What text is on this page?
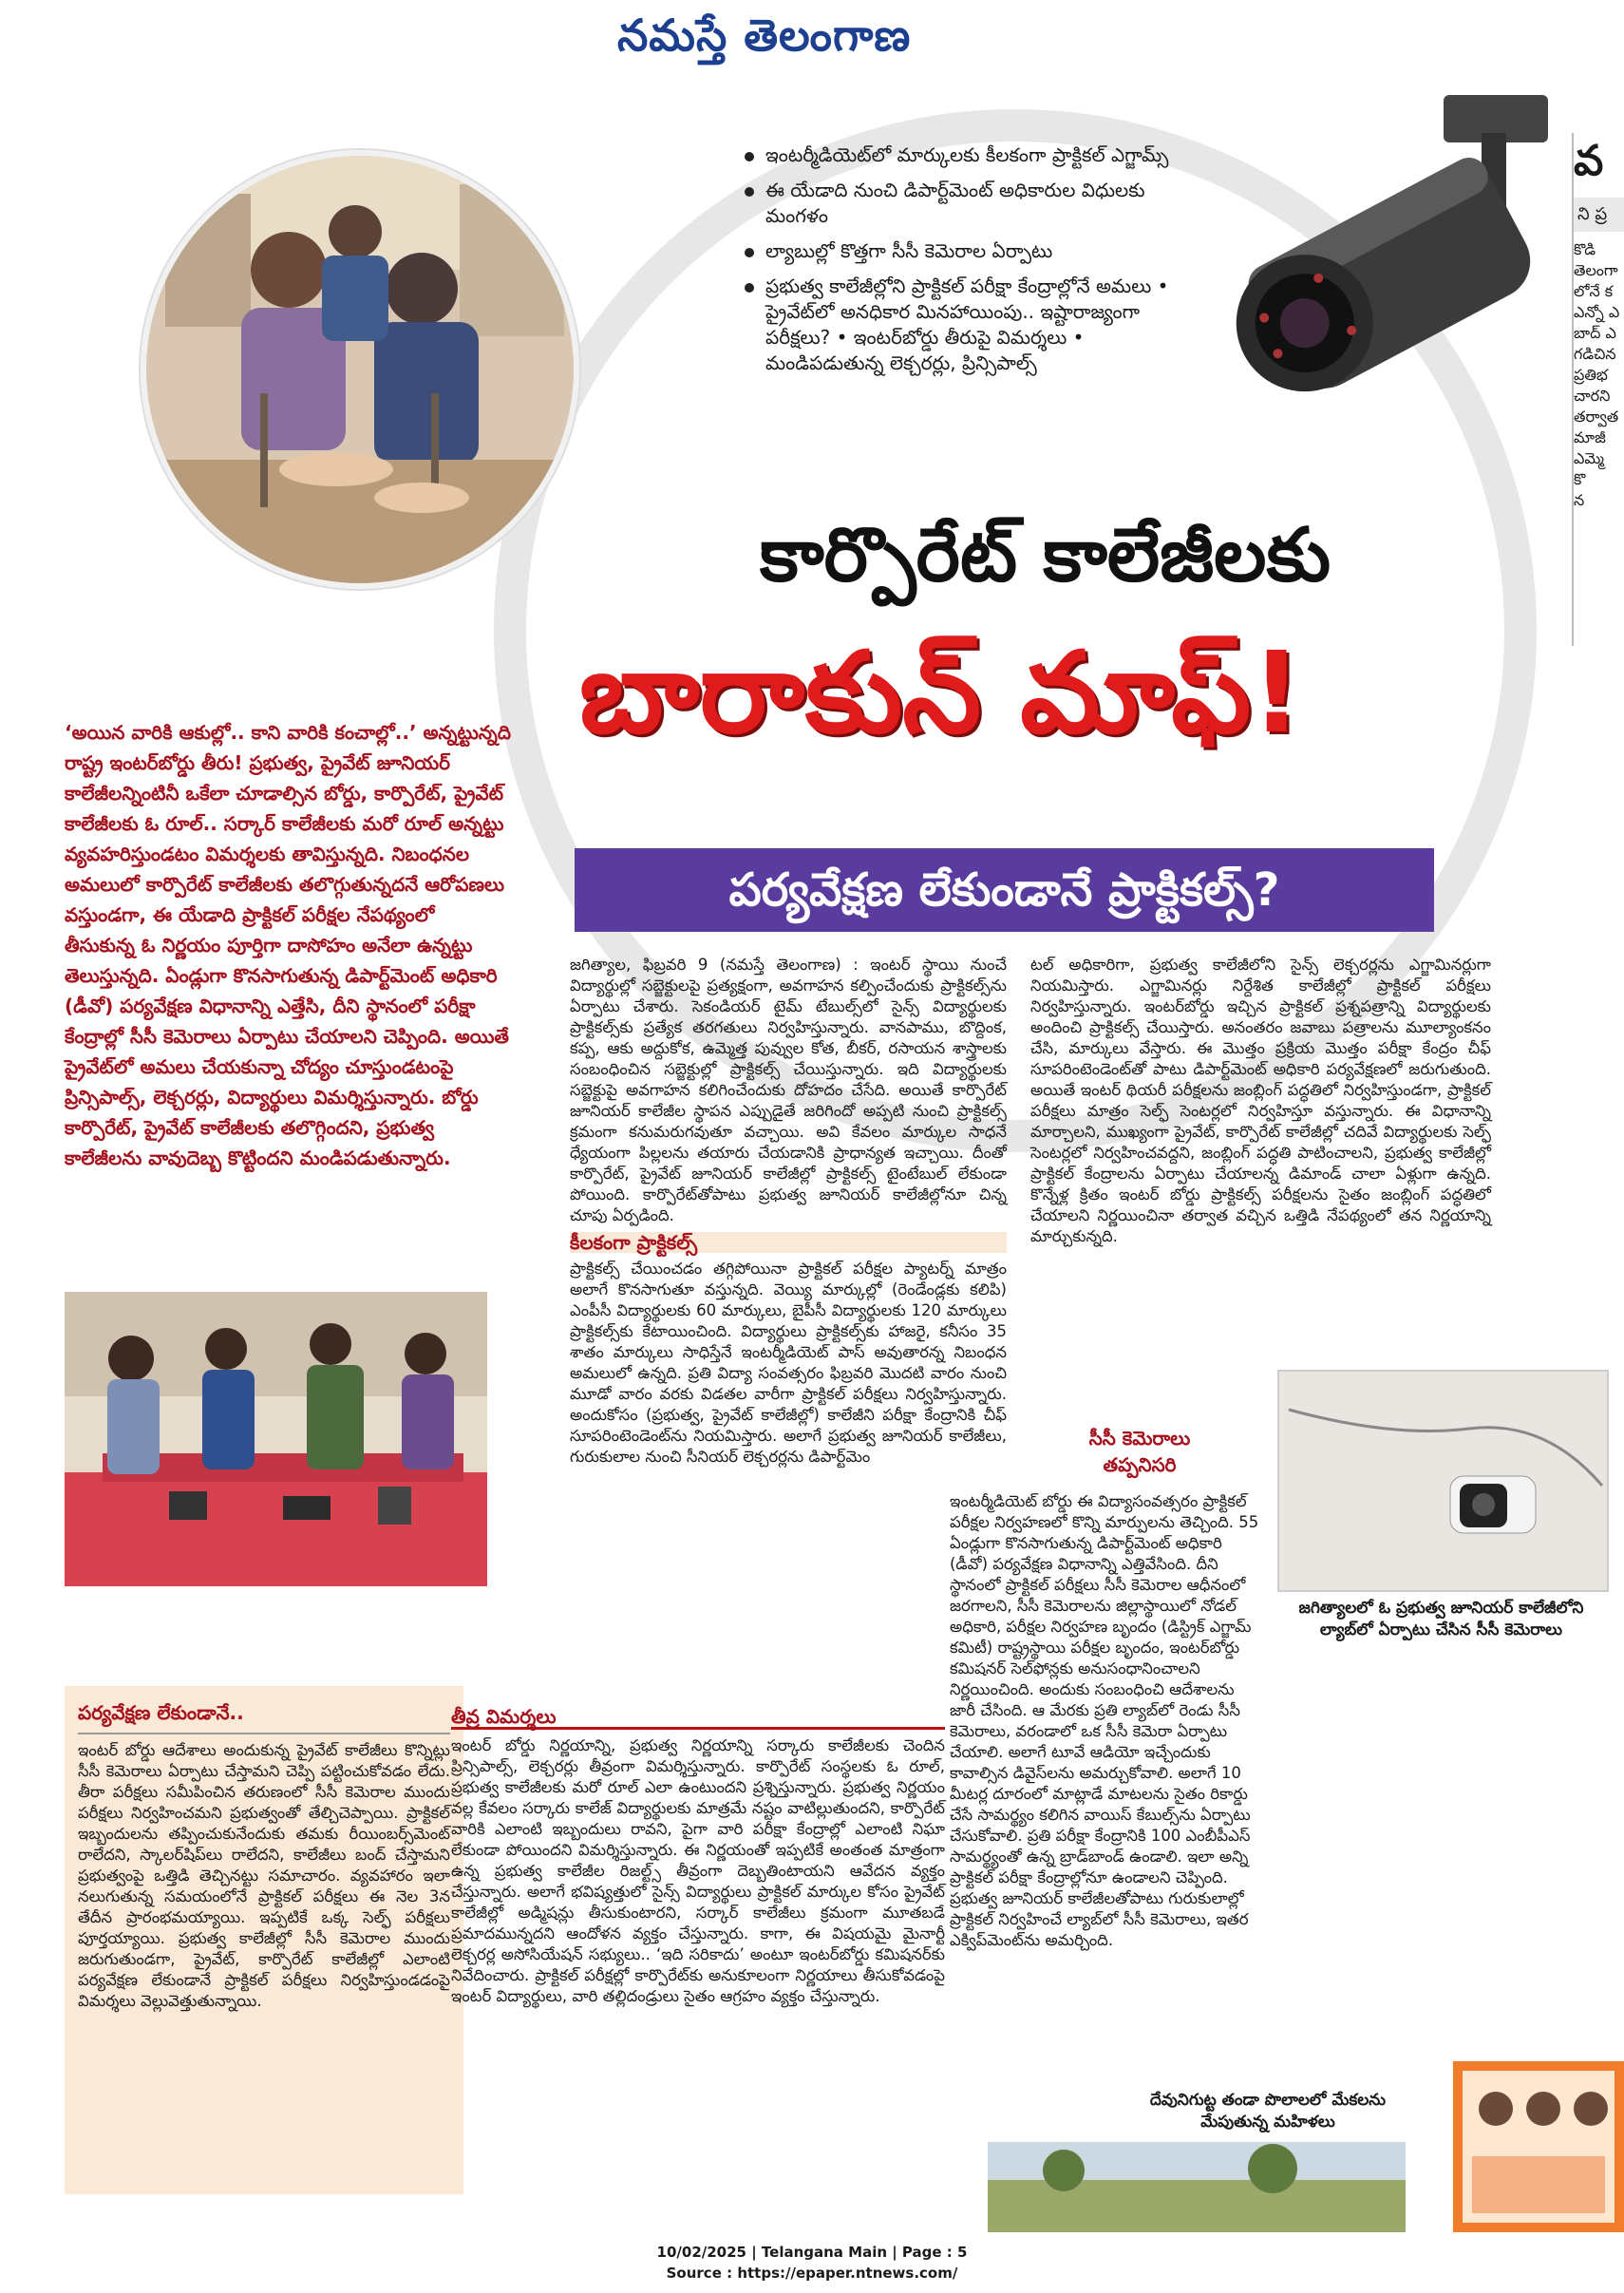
నమస్తే తెలంగాణ

ఇంటర్మీడియెట్‌లో మార్కులకు కీలకంగా ప్రాక్టికల్ ఎగ్జామ్స్

ఈ యేడాది నుంచి డిపార్ట్‌మెంట్ అధికారుల విధులకు మంగళం

ల్యాబుల్లో కొత్తగా సీసీ కెమెరాల ఏర్పాటు

ప్రభుత్వ కాలేజీల్లోని ప్రాక్టికల్ పరీక్షా కేంద్రాల్లోనే అమలు • ప్రైవేట్‌లో అనధికార మినహాయింపు.. ఇష్టారాజ్యంగా పరీక్షలు? • ఇంటర్‌బోర్డు తీరుపై విమర్శలు • మండిపడుతున్న లెక్చరర్లు, ప్రిన్సిపాల్స్

వ
ని ప్ర
కొడి
తెలంగా
లోనే క
ఎన్నో ఎ
బాద్ ఎ
గడిచిన
ప్రతిభ
చారని
తర్వాత
మాజీ
ఎమ్మె
కొ
న
కార్పొరేట్ కాలేజీలకు
బారాకున్ మాఫ్!
పర్యవేక్షణ లేకుండానే ప్రాక్టికల్స్?
‘అయిన వారికి ఆకుల్లో.. కాని వారికి కంచాల్లో..’ అన్నట్టున్నది రాష్ట్ర ఇంటర్‌బోర్డు తీరు! ప్రభుత్వ, ప్రైవేట్ జూనియర్ కాలేజీలన్నింటినీ ఒకేలా చూడాల్సిన బోర్డు, కార్పొరేట్, ప్రైవేట్ కాలేజీలకు ఓ రూల్.. సర్కార్ కాలేజీలకు మరో రూల్ అన్నట్టు వ్యవహరిస్తుండటం విమర్శలకు తావిస్తున్నది. నిబంధనల అమలులో కార్పొరేట్ కాలేజీలకు తలొగ్గుతున్నదనే ఆరోపణలు వస్తుండగా, ఈ యేడాది ప్రాక్టికల్ పరీక్షల నేపథ్యంలో తీసుకున్న ఓ నిర్ణయం పూర్తిగా దాసోహం అనేలా ఉన్నట్టు తెలుస్తున్నది. ఏండ్లుగా కొనసాగుతున్న డిపార్ట్‌మెంట్ అధికారి (డీవో) పర్యవేక్షణ విధానాన్ని ఎత్తేసి, దీని స్థానంలో పరీక్షా కేంద్రాల్లో సీసీ కెమెరాలు ఏర్పాటు చేయాలని చెప్పింది. అయితే ప్రైవేట్‌లో అమలు చేయకున్నా చోద్యం చూస్తుండటంపై ప్రిన్సిపాల్స్, లెక్చరర్లు, విద్యార్థులు విమర్శిస్తున్నారు. బోర్డు కార్పొరేట్, ప్రైవేట్ కాలేజీలకు తలొగ్గిందని, ప్రభుత్వ కాలేజీలను వావుదెబ్బ కొట్టిందని మండిపడుతున్నారు.

జగిత్యాల, ఫిబ్రవరి 9 (నమస్తే తెలంగాణ) : ఇంటర్ స్థాయి నుంచే విద్యార్థుల్లో సబ్జెక్టులపై ప్రత్యక్షంగా, అవగాహన కల్పించేందుకు ప్రాక్టికల్స్‌ను ఏర్పాటు చేశారు. సెకండియర్ టైమ్ టేబుల్స్‌లో సైన్స్ విద్యార్థులకు ప్రాక్టికల్స్‌కు ప్రత్యేక తరగతులు నిర్వహిస్తున్నారు. వానపాము, బొద్దింక, కప్ప, ఆకు అద్దుకోక, ఉమ్మెత్త పువ్వుల కోత, బీకర్, రసాయన శాస్త్రాలకు సంబంధించిన సబ్జెక్టుల్లో ప్రాక్టికల్స్ చేయిస్తున్నారు. ఇది విద్యార్థులకు సబ్జెక్టుపై అవగాహన కలిగించేందుకు దోహదం చేసేది. అయితే కార్పొరేట్ జూనియర్ కాలేజీల స్థాపన ఎప్పుడైతే జరిగిందో అప్పటి నుంచి ప్రాక్టికల్స్ క్రమంగా కనుమరుగవుతూ వచ్చాయి. అవి కేవలం మార్కుల సాధనే ధ్యేయంగా పిల్లలను తయారు చేయడానికి ప్రాధాన్యత ఇచ్చాయి. దీంతో కార్పొరేట్, ప్రైవేట్ జూనియర్ కాలేజీల్లో ప్రాక్టికల్స్ టైంటేబుల్ లేకుండా పోయింది. కార్పొరేట్‌తోపాటు ప్రభుత్వ జూనియర్ కాలేజీల్లోనూ చిన్న చూపు ఏర్పడింది.

కీలకంగా ప్రాక్టికల్స్

ప్రాక్టికల్స్ చేయించడం తగ్గిపోయినా ప్రాక్టికల్ పరీక్షల ప్యాటర్న్ మాత్రం అలాగే కొనసాగుతూ వస్తున్నది. వెయ్యి మార్కుల్లో (రెండేండ్లకు కలిపి) ఎంపీసీ విద్యార్థులకు 60 మార్కులు, బైపీసీ విద్యార్థులకు 120 మార్కులు ప్రాక్టికల్స్‌కు కేటాయించింది. విద్యార్థులు ప్రాక్టికల్స్‌కు హాజరై, కనీసం 35 శాతం మార్కులు సాధిస్తేనే ఇంటర్మీడియెట్ పాస్ అవుతారన్న నిబంధన అమలులో ఉన్నది. ప్రతి విద్యా సంవత్సరం ఫిబ్రవరి మొదటి వారం నుంచి మూడో వారం వరకు విడతల వారీగా ప్రాక్టికల్ పరీక్షలు నిర్వహిస్తున్నారు. అందుకోసం (ప్రభుత్వ, ప్రైవేట్ కాలేజీల్లో) కాలేజీని పరీక్షా కేంద్రానికి చీఫ్ సూపరింటెండెంట్‌ను నియమిస్తారు. అలాగే ప్రభుత్వ జూనియర్ కాలేజీలు, గురుకులాల నుంచి సీనియర్ లెక్చరర్లను డిపార్ట్‌మెం

టల్ అధికారిగా, ప్రభుత్వ కాలేజీలోని సైన్స్ లెక్చరర్లను ఎగ్జామినర్లుగా నియమిస్తారు. ఎగ్జామినర్లు నిర్దేశిత కాలేజీల్లో ప్రాక్టికల్ పరీక్షలు నిర్వహిస్తున్నారు. ఇంటర్‌బోర్డు ఇచ్చిన ప్రాక్టికల్ ప్రశ్నపత్రాన్ని విద్యార్థులకు అందించి ప్రాక్టికల్స్ చేయిస్తారు. అనంతరం జవాబు పత్రాలను మూల్యాంకనం చేసి, మార్కులు వేస్తారు. ఈ మొత్తం ప్రక్రియ మొత్తం పరీక్షా కేంద్రం చీఫ్ సూపరింటెండెంట్‌తో పాటు డిపార్ట్‌మెంట్ అధికారి పర్యవేక్షణలో జరుగుతుంది. అయితే ఇంటర్ థియరీ పరీక్షలను జంబ్లింగ్ పద్ధతిలో నిర్వహిస్తుండగా, ప్రాక్టికల్ పరీక్షలు మాత్రం సెల్ఫ్ సెంటర్లలో నిర్వహిస్తూ వస్తున్నారు. ఈ విధానాన్ని మార్చాలని, ముఖ్యంగా ప్రైవేట్, కార్పొరేట్ కాలేజీల్లో చదివే విద్యార్థులకు సెల్ఫ్ సెంటర్లలో నిర్వహించవద్దని, జంబ్లింగ్ పద్ధతి పాటించాలని, ప్రభుత్వ కాలేజీల్లో ప్రాక్టికల్ కేంద్రాలను ఏర్పాటు చేయాలన్న డిమాండ్ చాలా ఏళ్లుగా ఉన్నది. కొన్నేళ్ల క్రితం ఇంటర్ బోర్డు ప్రాక్టికల్స్ పరీక్షలను సైతం జంబ్లింగ్ పద్ధతిలో చేయాలని నిర్ణయించినా తర్వాత వచ్చిన ఒత్తిడి నేపథ్యంలో తన నిర్ణయాన్ని మార్చుకున్నది.

జగిత్యాలలో ఓ ప్రభుత్వ జూనియర్ కాలేజీలోని ల్యాబ్‌లో ఏర్పాటు చేసిన సీసీ కెమెరాలు
సీసీ కెమెరాలు
తప్పనిసరి
ఇంటర్మీడియెట్ బోర్డు ఈ విద్యాసంవత్సరం ప్రాక్టికల్ పరీక్షల నిర్వహణలో కొన్ని మార్పులను తెచ్చింది. 55 ఏండ్లుగా కొనసాగుతున్న డిపార్ట్‌మెంట్ అధికారి (డీవో) పర్యవేక్షణ విధానాన్ని ఎత్తివేసింది. దీని స్థానంలో ప్రాక్టికల్ పరీక్షలు సీసీ కెమెరాల ఆధీనంలో జరగాలని, సీసీ కెమెరాలను జిల్లాస్థాయిలో నోడల్ అధికారి, పరీక్షల నిర్వహణ బృందం (డిస్ట్రిక్ ఎగ్జామ్ కమిటీ) రాష్ట్రస్థాయి పరీక్షల బృందం, ఇంటర్‌బోర్డు కమిషనర్ సెల్‌ఫోన్లకు అనుసంధానించాలని నిర్ణయించింది. అందుకు సంబంధించి ఆదేశాలను జారీ చేసింది. ఆ మేరకు ప్రతి ల్యాబ్‌లో రెండు సీసీ కెమెరాలు, వరండాలో ఒక సీసీ కెమెరా ఏర్పాటు చేయాలి. అలాగే టూవే ఆడియో ఇచ్చేందుకు కావాల్సిన డివైస్‌లను అమర్చుకోవాలి. అలాగే 10 మీటర్ల దూరంలో మాట్లాడే మాటలను సైతం రికార్డు చేసే సామర్థ్యం కలిగిన వాయిస్ కేబుల్స్‌ను ఏర్పాటు చేసుకోవాలి. ప్రతి పరీక్షా కేంద్రానికి 100 ఎంబీపీఎస్ సామర్థ్యంతో ఉన్న బ్రాడ్‌బాండ్ ఉండాలి. ఇలా అన్ని ప్రాక్టికల్ పరీక్షా కేంద్రాల్లోనూ ఉండాలని చెప్పింది. ప్రభుత్వ జూనియర్ కాలేజీలతోపాటు గురుకులాల్లో ప్రాక్టికల్ నిర్వహించే ల్యాబ్‌లో సీసీ కెమెరాలు, ఇతర ఎక్విప్‌మెంట్‌ను అమర్చింది.
పర్యవేక్షణ లేకుండానే..
ఇంటర్ బోర్డు ఆదేశాలు అందుకున్న ప్రైవేట్ కాలేజీలు కొన్నిట్లు సీసీ కెమెరాలు ఏర్పాటు చేస్తామని చెప్పి పట్టించుకోవడం లేదు. తీరా పరీక్షలు సమీపించిన తరుణంలో సీసీ కెమెరాల ముందు పరీక్షలు నిర్వహించమని ప్రభుత్వంతో తేల్చిచెప్పాయి. ప్రాక్టికల్ ఇబ్బందులను తప్పించుకునేందుకు తమకు రీయింబర్స్‌మెంట్ రాలేదని, స్కాలర్‌షిప్‌లు రాలేదని, కాలేజీలు బంద్ చేస్తామని ప్రభుత్వంపై ఒత్తిడి తెచ్చినట్టు సమాచారం. వ్యవహారం ఇలా నలుగుతున్న సమయంలోనే ప్రాక్టికల్ పరీక్షలు ఈ నెల 3న తేదీన ప్రారంభమయ్యాయి. ఇప్పటికే ఒక్క సెల్ఫ్ పరీక్షలు పూర్తయ్యాయి. ప్రభుత్వ కాలేజీల్లో సీసీ కెమెరాల ముందు జరుగుతుండగా, ప్రైవేట్, కార్పొరేట్ కాలేజీల్లో ఎలాంటి పర్యవేక్షణ లేకుండానే ప్రాక్టికల్ పరీక్షలు నిర్వహిస్తుండడంపై విమర్శలు వెల్లువెత్తుతున్నాయి.
తీవ్ర విమర్శలు

ఇంటర్ బోర్డు నిర్ణయాన్ని, ప్రభుత్వ నిర్ణయాన్ని సర్కారు కాలేజీలకు చెందిన ప్రిన్సిపాల్స్, లెక్చరర్లు తీవ్రంగా విమర్శిస్తున్నారు. కార్పొరేట్ సంస్థలకు ఓ రూల్, ప్రభుత్వ కాలేజీలకు మరో రూల్ ఎలా ఉంటుందని ప్రశ్నిస్తున్నారు. ప్రభుత్వ నిర్ణయం వల్ల కేవలం సర్కారు కాలేజ్ విద్యార్థులకు మాత్రమే నష్టం వాటిల్లుతుందని, కార్పొరేట్ వారికి ఎలాంటి ఇబ్బందులు రావని, పైగా వారి పరీక్షా కేంద్రాల్లో ఎలాంటి నిఘా లేకుండా పోయిందని విమర్శిస్తున్నారు. ఈ నిర్ణయంతో ఇప్పటికే అంతంత మాత్రంగా ఉన్న ప్రభుత్వ కాలేజీల రిజల్ట్స్ తీవ్రంగా దెబ్బతింటాయని ఆవేదన వ్యక్తం చేస్తున్నారు. అలాగే భవిష్యత్తులో సైన్స్ విద్యార్థులు ప్రాక్టికల్ మార్కుల కోసం ప్రైవేట్ కాలేజీల్లో అడ్మిషన్లు తీసుకుంటారని, సర్కార్ కాలేజీలు క్రమంగా మూతబడే ప్రమాదమున్నదని ఆందోళన వ్యక్తం చేస్తున్నారు. కాగా, ఈ విషయమై మైనార్టీ లెక్చరర్ల అసోసియేషన్ సభ్యులు.. ‘ఇది సరికాదు’ అంటూ ఇంటర్‌బోర్డు కమిషనర్‌కు నివేదించారు. ప్రాక్టికల్ పరీక్షల్లో కార్పొరేట్‌కు అనుకూలంగా నిర్ణయాలు తీసుకోవడంపై ఇంటర్ విద్యార్థులు, వారి తల్లిదండ్రులు సైతం ఆగ్రహం వ్యక్తం చేస్తున్నారు.

దేవునిగుట్ట తండా పొలాలలో మేకలను మేపుతున్న మహిళలు
10/02/2025 | Telangana Main | Page : 5
Source : https://epaper.ntnews.com/
